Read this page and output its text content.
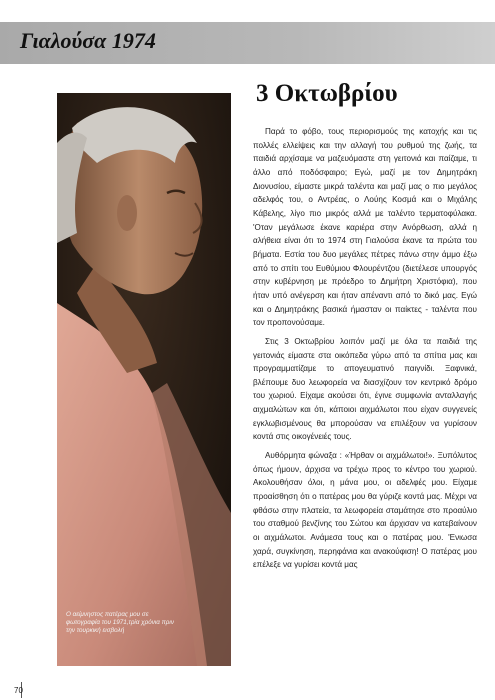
Γιαλούσα 1974
Ο αείμνηστος πατέρας μου σε φωτογραφία του 1971,τρία χρόνια πριν την τουρκική εισβολή
3 Οκτωβρίου

Παρά το φόβο, τους περιορισμούς της κατοχής και τις πολλές ελλείψεις και την αλλαγή του ρυθμού της ζωής, τα παιδιά αρχίσαμε να μαζευόμαστε στη γειτονιά και παίζαμε, τι άλλο από ποδόσφαιρο; Εγώ, μαζί με τον Δημητράκη Διονυσίου, είμαστε μικρά ταλέντα και μαζί μας ο πιο μεγάλος αδελφός του, ο Αντρέας, ο Λούης Κοσμά και ο Μιχάλης Κάβελης, λίγο πιο μικρός αλλά με ταλέντο τερματοφύλακα. 'Οταν μεγάλωσε έκανε καριέρα στην Ανόρθωση, αλλά η αλήθεια είναι ότι το 1974 στη Γιαλούσα έκανε τα πρώτα του βήματα. Εστία του δυο μεγάλες πέτρες πάνω στην άμμο έξω από το σπίτι του Ευθύμιου Φλουρέντζου (διετέλεσε υπουργός στην κυβέρνηση με πρόεδρο το Δημήτρη Χριστόφια), που ήταν υπό ανέγερση και ήταν απέναντι από το δικό μας. Εγώ και ο Δημητράκης βασικά ήμασταν οι παίκτες - ταλέντα που τον προπονούσαμε.

Στις 3 Οκτωβρίου λοιπόν μαζί με όλα τα παιδιά της γειτονιάς είμαστε στα οικόπεδα γύρω από τα σπίτια μας και προγραμματίζαμε το απογευματινό παιγνίδι. Ξαφνικά, βλέπουμε δυο λεωφορεία να διασχίζουν τον κεντρικό δρόμο του χωριού. Είχαμε ακούσει ότι, έγινε συμφωνία ανταλλαγής αιχμαλώτων και ότι, κάποιοι αιχμάλωτοι που είχαν συγγενείς εγκλωβισμένους θα μπορούσαν να επιλέξουν να γυρίσουν κοντά στις οικογένειές τους.

Αυθόρμητα φώναξα : «Ήρθαν οι αιχμάλωτοι!». Ξυπόλυτος όπως ήμουν, άρχισα να τρέχω προς το κέντρο του χωριού. Ακολουθήσαν όλοι, η μάνα μου, οι αδελφές μου. Είχαμε προαίσθηση ότι ο πατέρας μου θα γύριζε κοντά μας. Μέχρι να φθάσω στην πλατεία, τα λεωφορεία σταμάτησε στο προαύλιο του σταθμού βενζίνης του Σώτου και άρχισαν να κατεβαίνουν οι αιχμάλωτοι. Ανάμεσα τους και ο πατέρας μου. 'Ενιωσα χαρά, συγκίνηση, περηφάνια και ανακούφιση! Ο πατέρας μου επέλεξε να γυρίσει κοντά μας

70
